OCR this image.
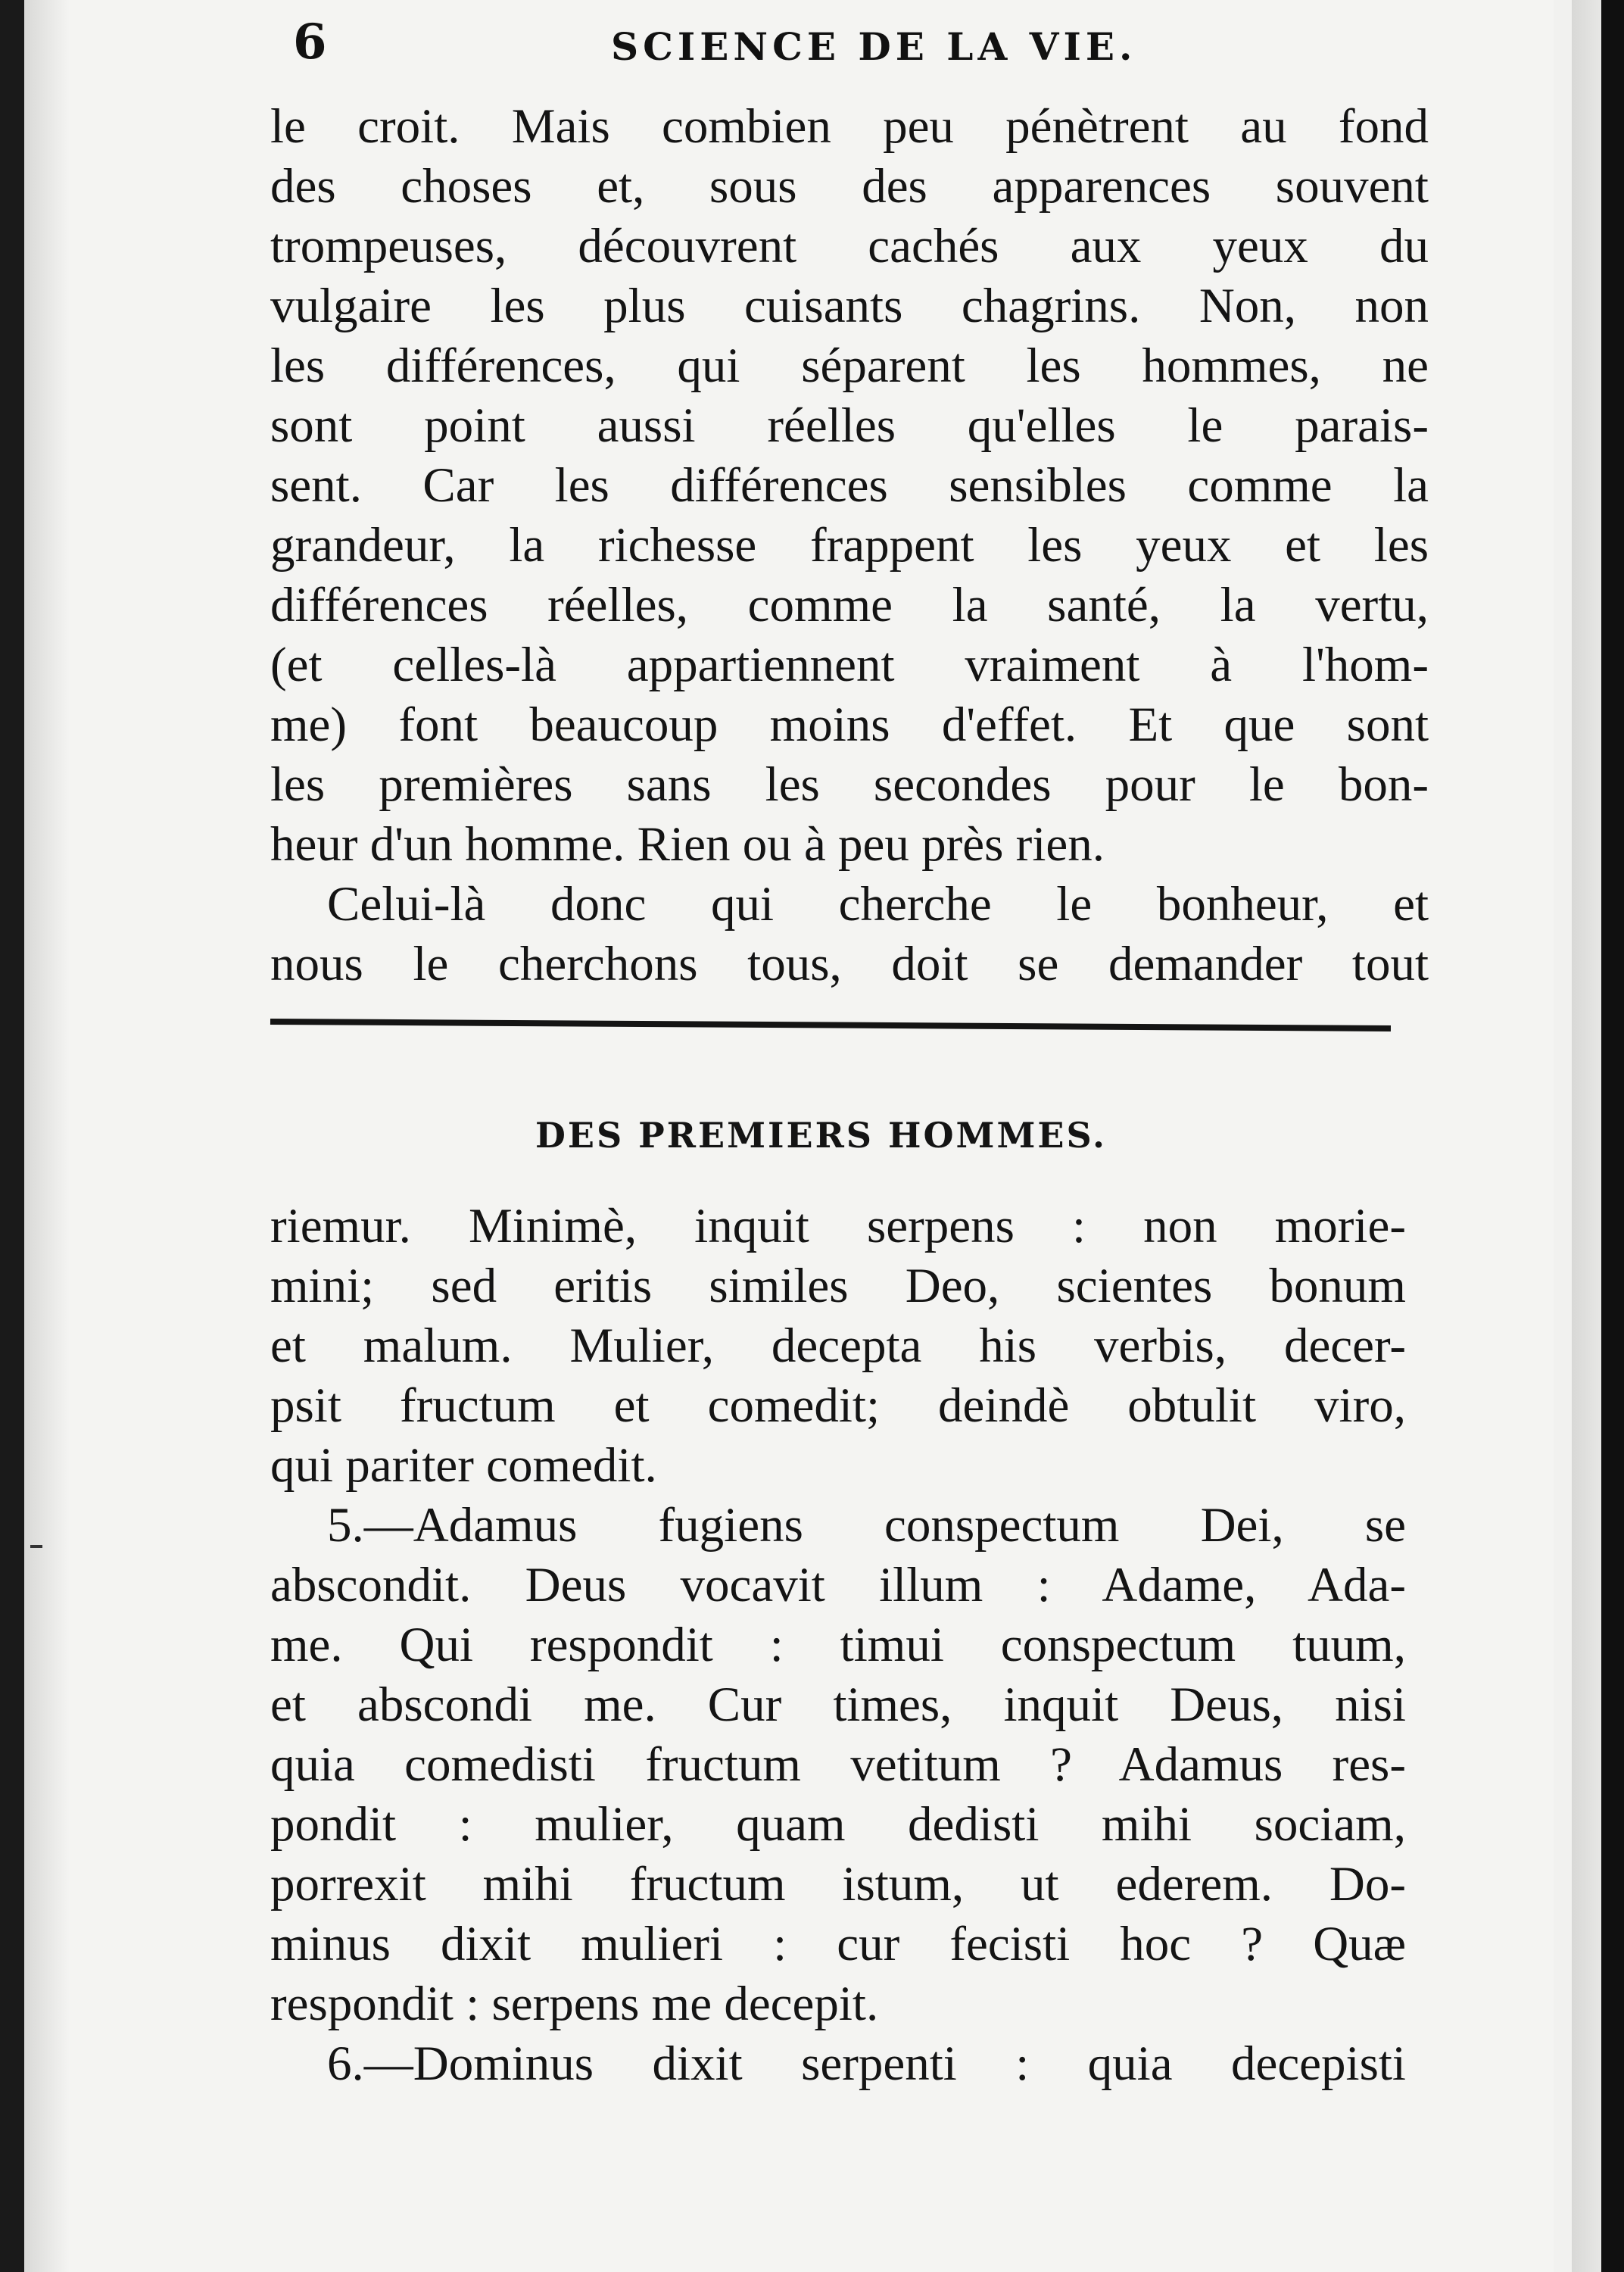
6	SCIENCE DE LA VIE.
le croit. Mais combien peu pénètrent au fond
des choses et, sous des apparences souvent
trompeuses, découvrent cachés aux yeux du
vulgaire les plus cuisants chagrins. Non, non
les différences, qui séparent les hommes, ne
sont point aussi réelles qu'elles le parais-
sent. Car les différences sensibles comme la
grandeur, la richesse frappent les yeux et les
différences réelles, comme la santé, la vertu,
(et celles-là appartiennent vraiment à l'hom-
me) font beaucoup moins d'effet. Et que sont
les premières sans les secondes pour le bon-
heur d'un homme. Rien ou à peu près rien.
Celui-là donc qui cherche le bonheur, et
nous le cherchons tous, doit se demander tout
DES PREMIERS HOMMES.
riemur. Minimè, inquit serpens : non morie-
mini; sed eritis similes Deo, scientes bonum
et malum. Mulier, decepta his verbis, decer-
psit fructum et comedit; deindè obtulit viro,
qui pariter comedit.
5.—Adamus fugiens conspectum Dei, se
abscondit. Deus vocavit illum : Adame, Ada-
me. Qui respondit : timui conspectum tuum,
et abscondi me. Cur times, inquit Deus, nisi
quia comedisti fructum vetitum ? Adamus res-
pondit : mulier, quam dedisti mihi sociam,
porrexit mihi fructum istum, ut ederem. Do-
minus dixit mulieri : cur fecisti hoc ? Quæ
respondit : serpens me decepit.
6.—Dominus dixit serpenti : quia decepisti
